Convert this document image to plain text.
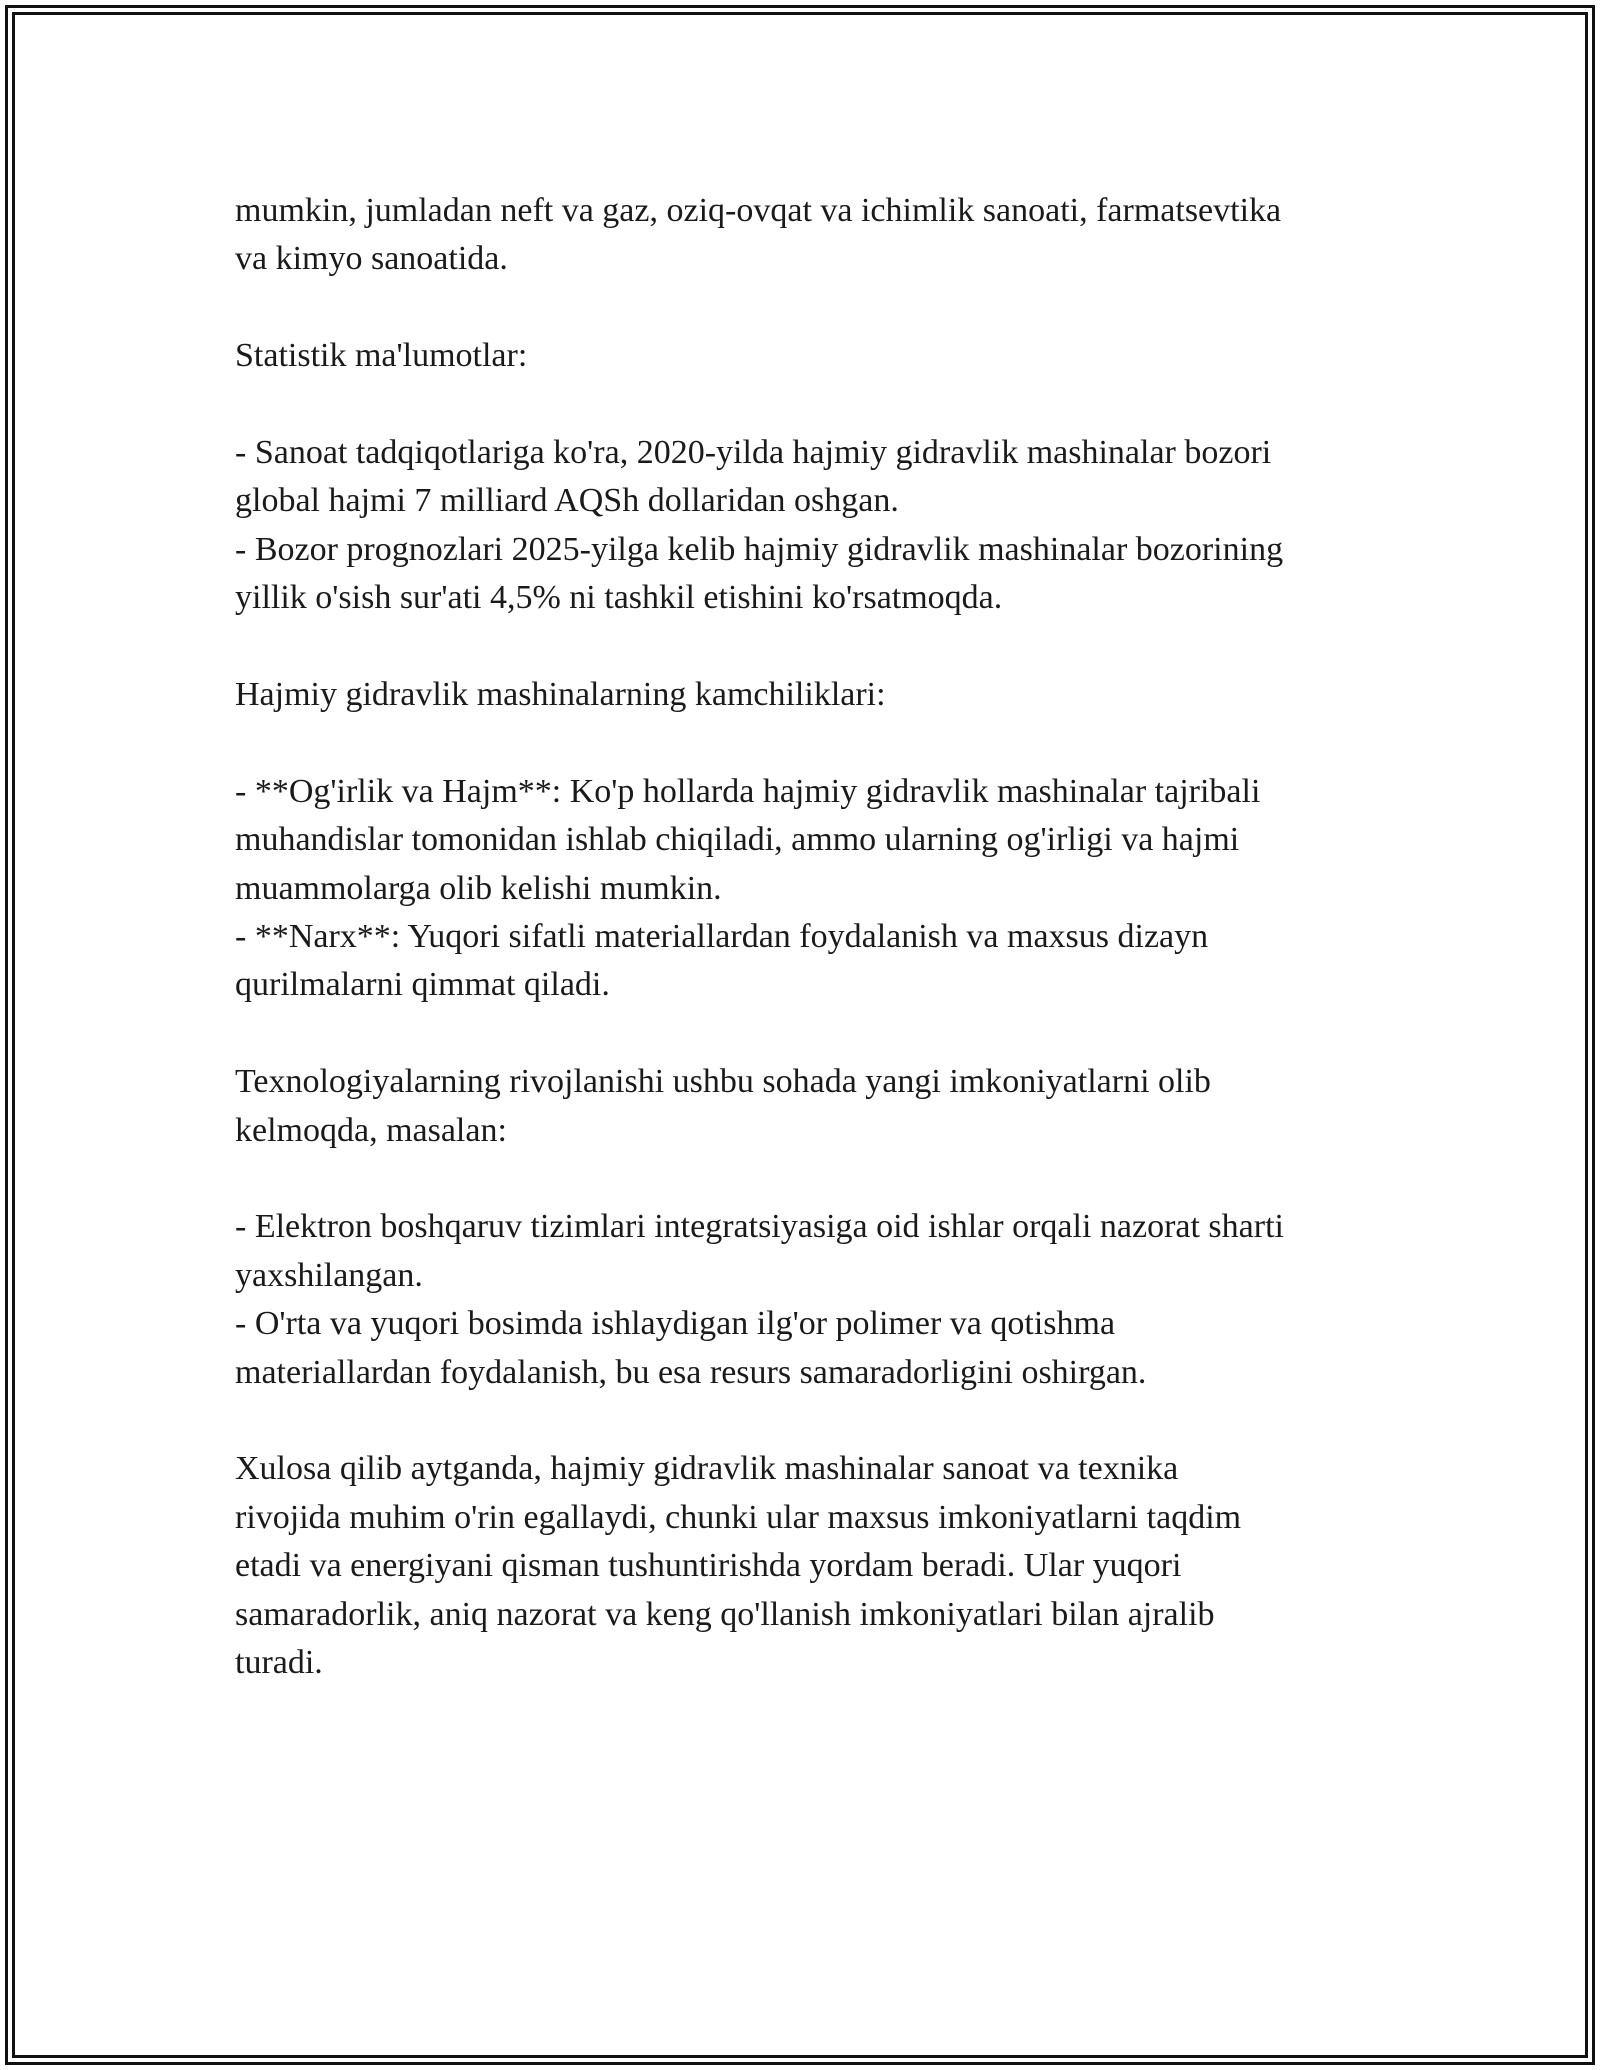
mumkin, jumladan neft va gaz, oziq-ovqat va ichimlik sanoati, farmatsevtika
va kimyo sanoatida.

Statistik ma'lumotlar:

- Sanoat tadqiqotlariga ko'ra, 2020-yilda hajmiy gidravlik mashinalar bozori
global hajmi 7 milliard AQSh dollaridan oshgan.
- Bozor prognozlari 2025-yilga kelib hajmiy gidravlik mashinalar bozorining
yillik o'sish sur'ati 4,5% ni tashkil etishini ko'rsatmoqda.

Hajmiy gidravlik mashinalarning kamchiliklari:

- **Og'irlik va Hajm**: Ko'p hollarda hajmiy gidravlik mashinalar tajribali
muhandislar tomonidan ishlab chiqiladi, ammo ularning og'irligi va hajmi
muammolarga olib kelishi mumkin.
- **Narx**: Yuqori sifatli materiallardan foydalanish va maxsus dizayn
qurilmalarni qimmat qiladi.

Texnologiyalarning rivojlanishi ushbu sohada yangi imkoniyatlarni olib
kelmoqda, masalan:

- Elektron boshqaruv tizimlari integratsiyasiga oid ishlar orqali nazorat sharti
yaxshilangan.
- O'rta va yuqori bosimda ishlaydigan ilg'or polimer va qotishma
materiallardan foydalanish, bu esa resurs samaradorligini oshirgan.

Xulosa qilib aytganda, hajmiy gidravlik mashinalar sanoat va texnika
rivojida muhim o'rin egallaydi, chunki ular maxsus imkoniyatlarni taqdim
etadi va energiyani qisman tushuntirishda yordam beradi. Ular yuqori
samaradorlik, aniq nazorat va keng qo'llanish imkoniyatlari bilan ajralib
turadi.
